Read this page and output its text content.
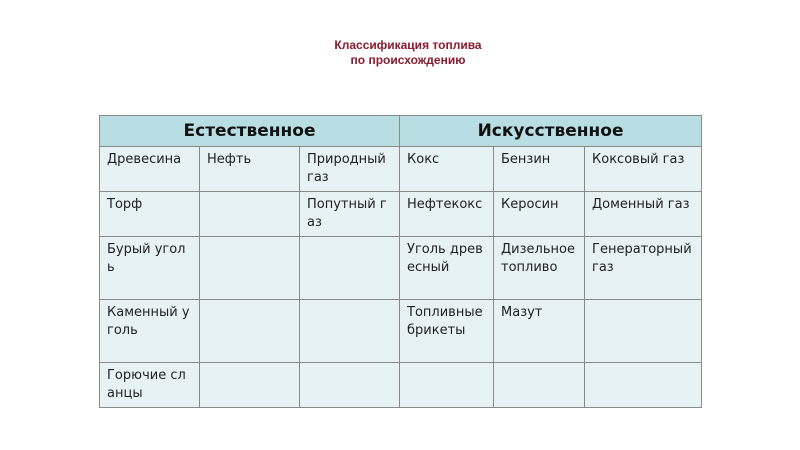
Классификация топлива
по происхождению
Естественное			Искусственное		
Древесина	Нефть	Природный газ	Кокс	Бензин	Коксовый газ
Торф		Попутный газ	Нефтекокс	Керосин	Доменный газ
Бурый уголь			Уголь древесный	Дизельное топливо	Генераторный газ
Каменный уголь			Топливные брикеты	Мазут	
Горючие сланцы					
